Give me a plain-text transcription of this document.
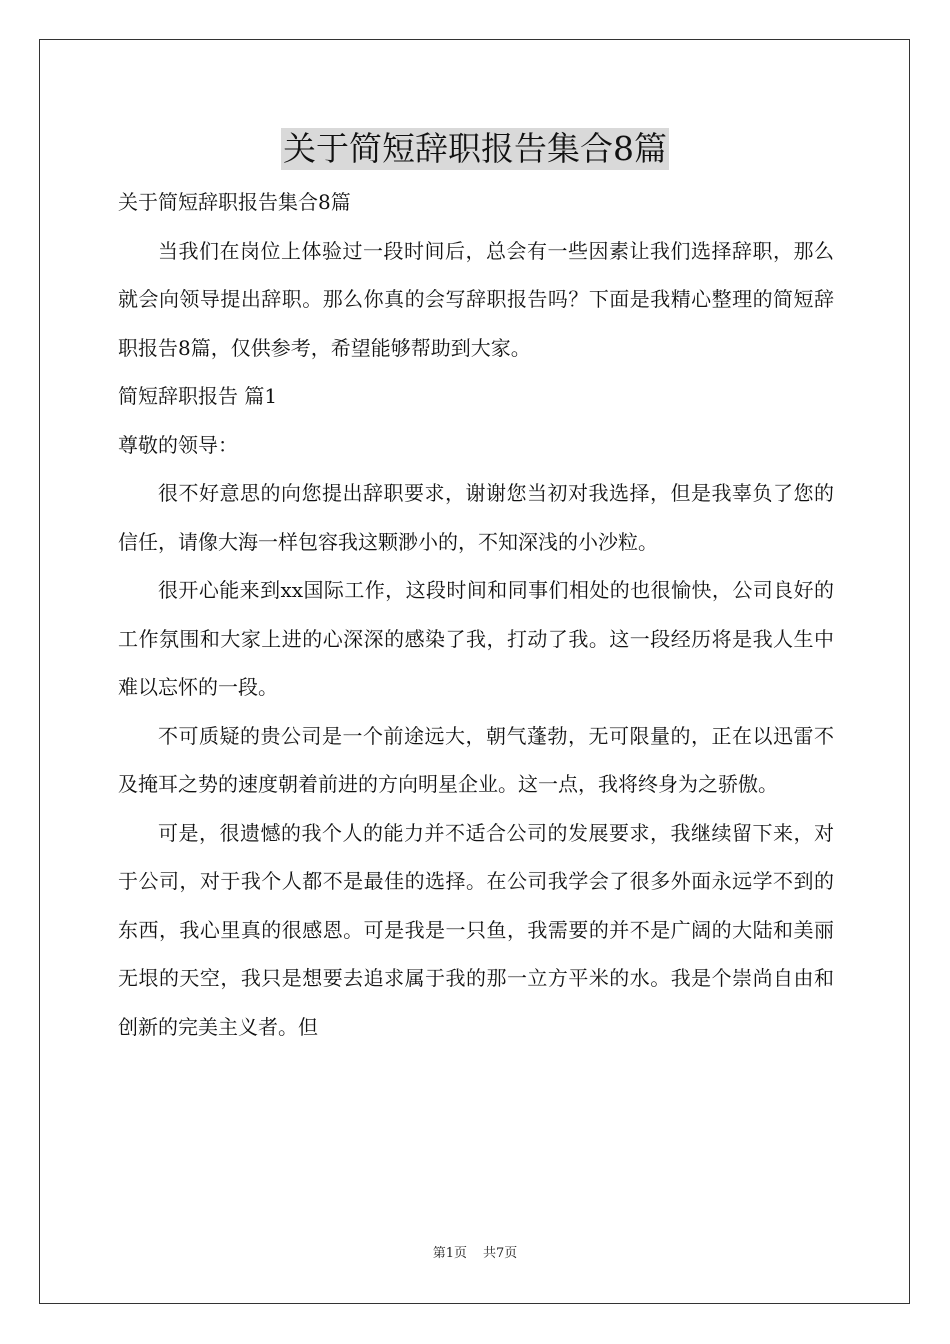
关于简短辞职报告集合8篇

关于简短辞职报告集合8篇

当我们在岗位上体验过一段时间后，总会有一些因素让我们选择辞职，那么就会向领导提出辞职。那么你真的会写辞职报告吗？下面是我精心整理的简短辞职报告8篇，仅供参考，希望能够帮助到大家。

简短辞职报告 篇1

尊敬的领导：

很不好意思的向您提出辞职要求，谢谢您当初对我选择，但是我辜负了您的信任，请像大海一样包容我这颗渺小的，不知深浅的小沙粒。

很开心能来到xx国际工作，这段时间和同事们相处的也很愉快，公司良好的工作氛围和大家上进的心深深的感染了我，打动了我。这一段经历将是我人生中难以忘怀的一段。

不可质疑的贵公司是一个前途远大，朝气蓬勃，无可限量的，正在以迅雷不及掩耳之势的速度朝着前进的方向明星企业。这一点，我将终身为之骄傲。

可是，很遗憾的我个人的能力并不适合公司的发展要求，我继续留下来，对于公司，对于我个人都不是最佳的选择。在公司我学会了很多外面永远学不到的东西，我心里真的很感恩。可是我是一只鱼，我需要的并不是广阔的大陆和美丽无垠的天空，我只是想要去追求属于我的那一立方平米的水。我是个崇尚自由和创新的完美主义者。但

第1页 共7页
